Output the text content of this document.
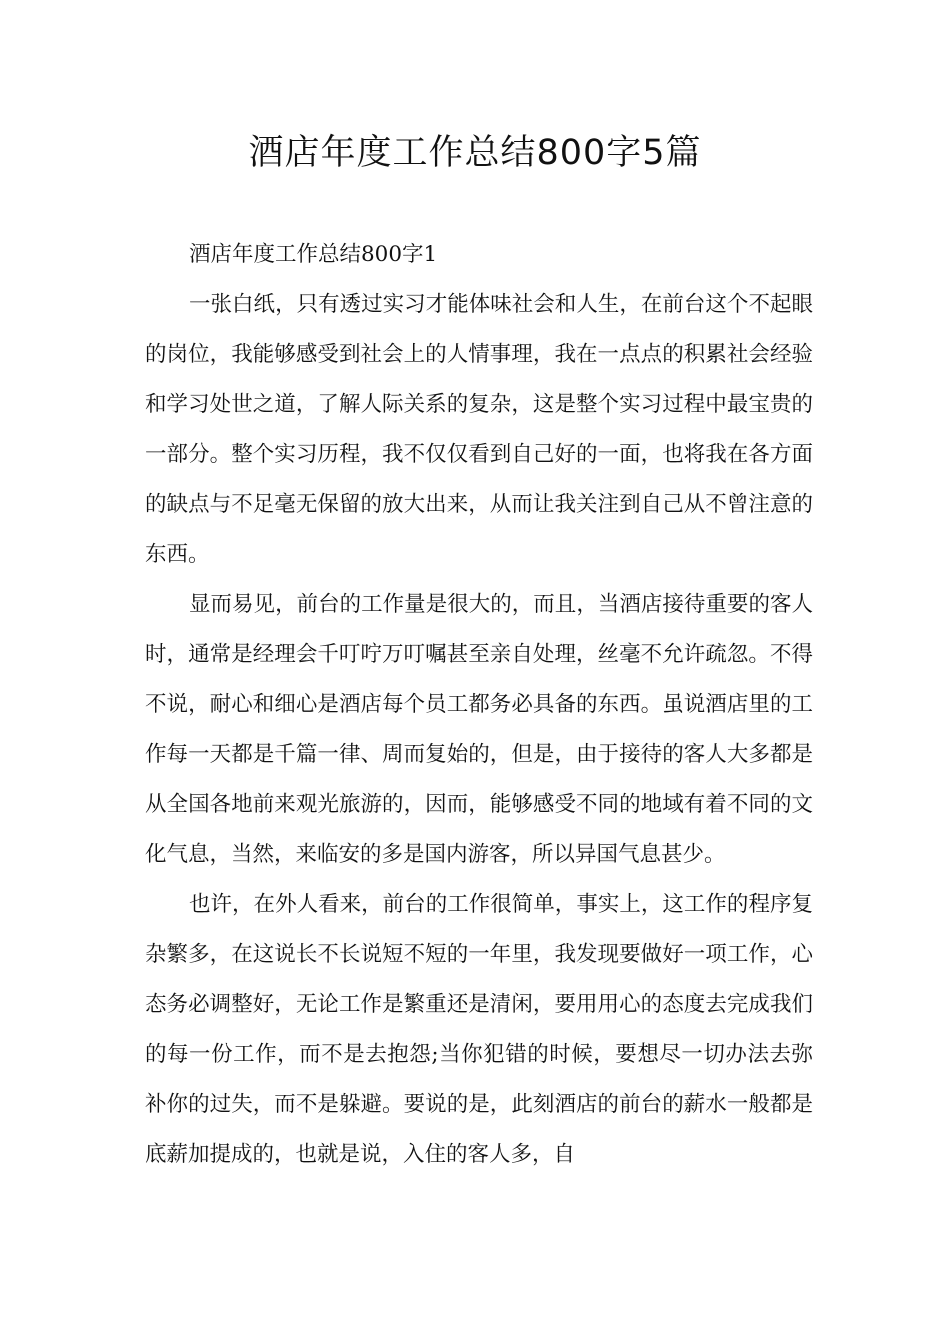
酒店年度工作总结800字5篇

酒店年度工作总结800字1

一张白纸，只有透过实习才能体味社会和人生，在前台这个不起眼的岗位，我能够感受到社会上的人情事理，我在一点点的积累社会经验和学习处世之道，了解人际关系的复杂，这是整个实习过程中最宝贵的一部分。整个实习历程，我不仅仅看到自己好的一面，也将我在各方面的缺点与不足毫无保留的放大出来，从而让我关注到自己从不曾注意的东西。

显而易见，前台的工作量是很大的，而且，当酒店接待重要的客人时，通常是经理会千叮咛万叮嘱甚至亲自处理，丝毫不允许疏忽。不得不说，耐心和细心是酒店每个员工都务必具备的东西。虽说酒店里的工作每一天都是千篇一律、周而复始的，但是，由于接待的客人大多都是从全国各地前来观光旅游的，因而，能够感受不同的地域有着不同的文化气息，当然，来临安的多是国内游客，所以异国气息甚少。

也许，在外人看来，前台的工作很简单，事实上，这工作的程序复杂繁多，在这说长不长说短不短的一年里，我发现要做好一项工作，心态务必调整好，无论工作是繁重还是清闲，要用用心的态度去完成我们的每一份工作，而不是去抱怨;当你犯错的时候，要想尽一切办法去弥补你的过失，而不是躲避。要说的是，此刻酒店的前台的薪水一般都是底薪加提成的，也就是说，入住的客人多，自
